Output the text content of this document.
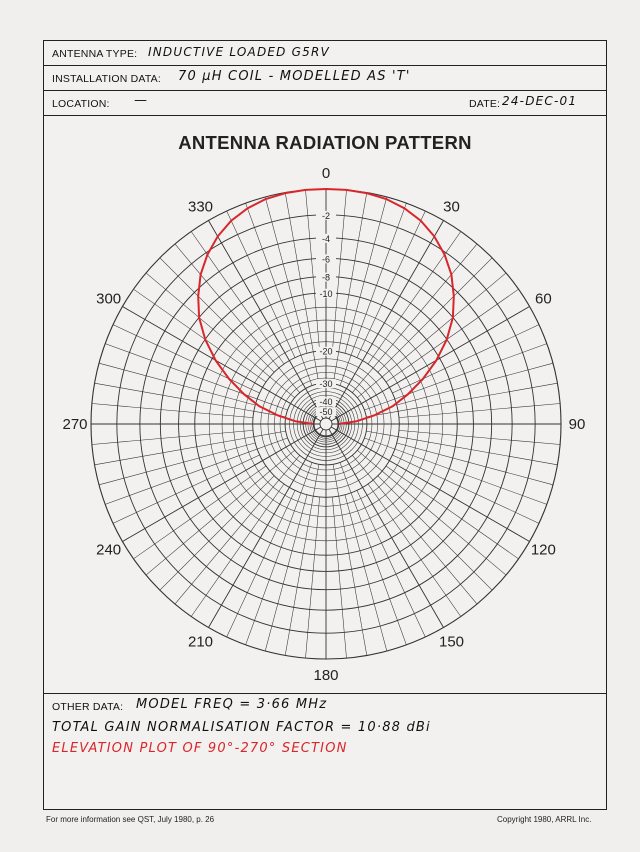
ANTENNA TYPE: INDUCTIVE LOADED G5RV
INSTALLATION DATA: 70 µH COIL - MODELLED AS 'T'
LOCATION: —	DATE: 24-DEC-01
ANTENNA RADIATION PATTERN
0
30
60
90
120
150
180
210
240
270
300
330
-2
-4
-6
-8
-10
-20
-30
-40
-50
OTHER DATA: MODEL FREQ = 3·66 MHz
TOTAL GAIN NORMALISATION FACTOR = 10·88 dBi
ELEVATION PLOT OF 90°-270° SECTION
For more information see QST, July 1980, p. 26	Copyright 1980, ARRL Inc.
